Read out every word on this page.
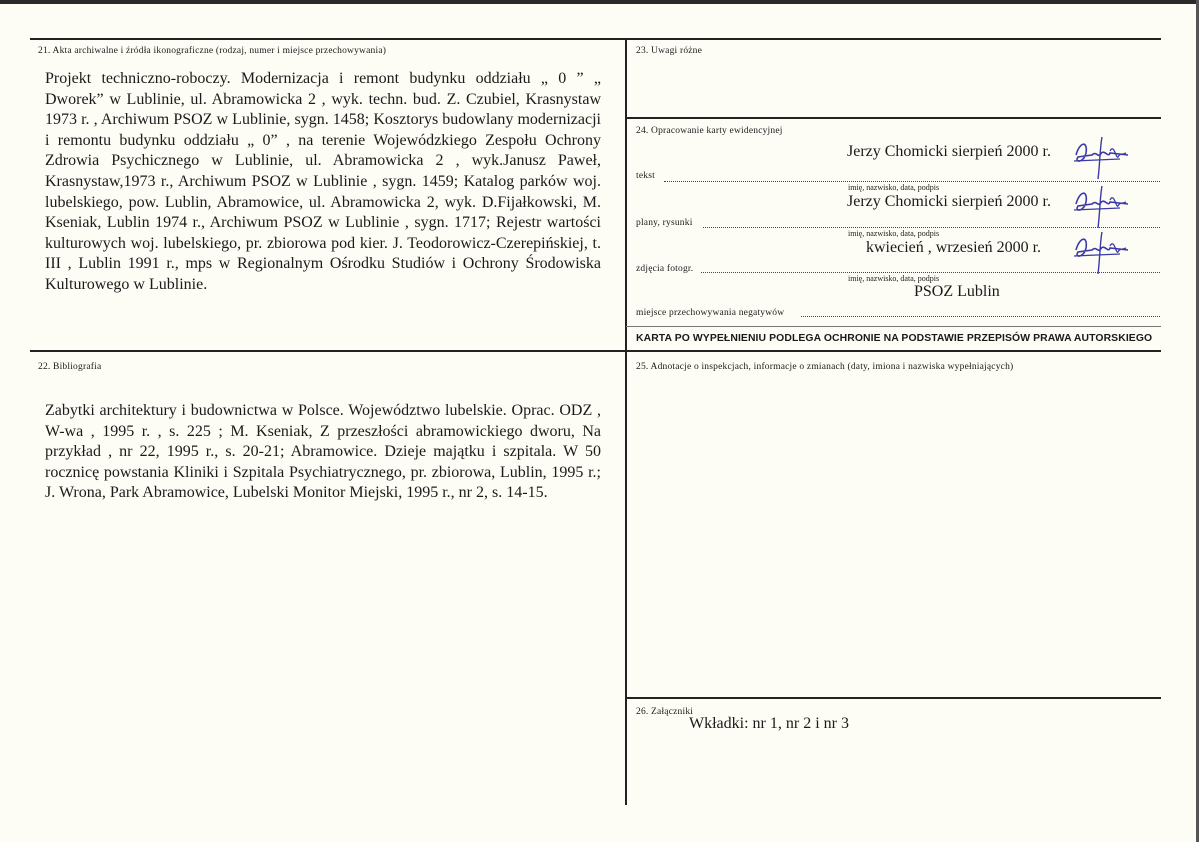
21. Akta archiwalne i źródła ikonograficzne (rodzaj, numer i miejsce przechowywania)
Projekt techniczno-roboczy. Modernizacja i remont budynku oddziału „ 0 ” „ Dworek” w Lublinie, ul. Abramowicka 2 , wyk. techn. bud. Z. Czubiel, Krasnystaw 1973 r. , Archiwum PSOZ w Lublinie, sygn. 1458; Kosztorys budowlany modernizacji i remontu budynku oddziału „ 0” , na terenie Wojewódzkiego Zespołu Ochrony Zdrowia Psychicznego w Lublinie, ul. Abramowicka 2 , wyk.Janusz Paweł, Krasnystaw,1973 r., Archiwum PSOZ w Lublinie , sygn. 1459; Katalog parków woj. lubelskiego, pow. Lublin, Abramowice, ul. Abramowicka 2, wyk. D.Fijałkowski, M. Kseniak, Lublin 1974 r., Archiwum PSOZ w Lublinie , sygn. 1717; Rejestr wartości kulturowych woj. lubelskiego, pr. zbiorowa pod kier. J. Teodorowicz-Czerepińskiej, t. III , Lublin 1991 r., mps w Regionalnym Ośrodku Studiów i Ochrony Środowiska Kulturowego w Lublinie.
22. Bibliografia
Zabytki architektury i budownictwa w Polsce. Województwo lubelskie. Oprac. ODZ , W-wa , 1995 r. , s. 225 ; M. Kseniak, Z przeszłości abramowickiego dworu, Na przykład , nr 22, 1995 r., s. 20-21; Abramowice. Dzieje majątku i szpitala. W 50 rocznicę powstania Kliniki i Szpitala Psychiatrycznego, pr. zbiorowa, Lublin, 1995 r.; J. Wrona, Park Abramowice, Lubelski Monitor Miejski, 1995 r., nr 2, s. 14-15.
23. Uwagi różne
24. Opracowanie karty ewidencyjnej
Jerzy Chomicki sierpień 2000 r.
tekst
imię, nazwisko, data, podpis
Jerzy Chomicki sierpień 2000 r.
plany, rysunki
imię, nazwisko, data, podpis
kwiecień , wrzesień 2000 r.
zdjęcia fotogr.
imię, nazwisko, data, podpis
PSOZ Lublin
miejsce przechowywania negatywów
KARTA PO WYPEŁNIENIU PODLEGA OCHRONIE NA PODSTAWIE PRZEPISÓW PRAWA AUTORSKIEGO
25. Adnotacje o inspekcjach, informacje o zmianach (daty, imiona i nazwiska wypełniających)
26. Załączniki
Wkładki: nr 1, nr 2 i nr 3
